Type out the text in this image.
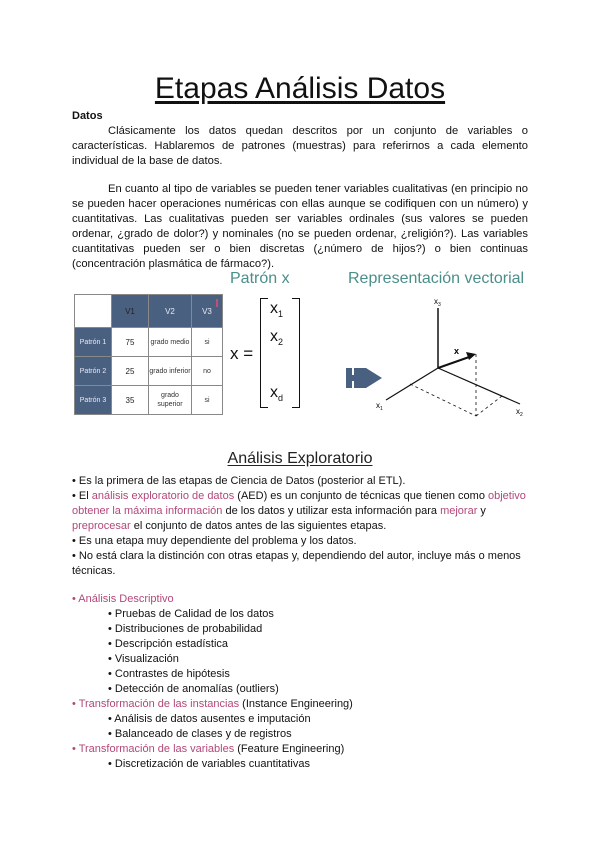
Etapas Análisis Datos
Datos

Clásicamente los datos quedan descritos por un conjunto de variables o características. Hablaremos de patrones (muestras) para referirnos a cada elemento individual de la base de datos.

En cuanto al tipo de variables se pueden tener variables cualitativas (en principio no se pueden hacer operaciones numéricas con ellas aunque se codifiquen con un número) y cuantitativas. Las cualitativas pueden ser variables ordinales (sus valores se pueden ordenar, ¿grado de dolor?) y nominales (no se pueden ordenar, ¿religión?). Las variables cuantitativas pueden ser o bien discretas (¿número de hijos?) o bien continuas (concentración plasmática de fármaco?).

	V1	V2	V3
Patrón 1	75	grado medio	si
Patrón 2	25	grado inferior	no
Patrón 3	35	grado superior	si
Patrón x	Representación vectorial
x =
$x_1$
$x_2$
$x_d$
$x_3$
x
$x_1$	$x_2$
Análisis Exploratorio
• Es la primera de las etapas de Ciencia de Datos (posterior al ETL).
• El análisis exploratorio de datos (AED) es un conjunto de técnicas que tienen como objetivo obtener la máxima información de los datos y utilizar esta información para mejorar y preprocesar el conjunto de datos antes de las siguientes etapas.
• Es una etapa muy dependiente del problema y los datos.
• No está clara la distinción con otras etapas y, dependiendo del autor, incluye más o menos técnicas.
• Análisis Descriptivo
• Pruebas de Calidad de los datos
• Distribuciones de probabilidad
• Descripción estadística
• Visualización
• Contrastes de hipótesis
• Detección de anomalías (outliers)
• Transformación de las instancias (Instance Engineering)
• Análisis de datos ausentes e imputación
• Balanceado de clases y de registros
• Transformación de las variables (Feature Engineering)
• Discretización de variables cuantitativas
